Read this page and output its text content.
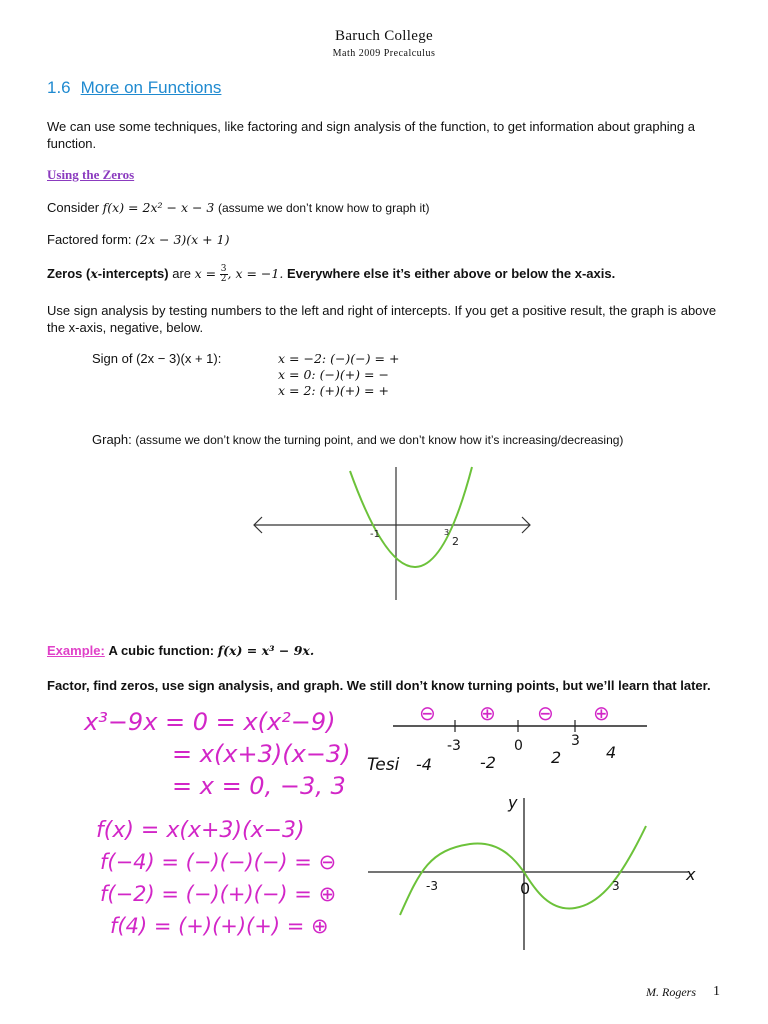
Baruch College
Math 2009 Precalculus
1.6 More on Functions
We can use some techniques, like factoring and sign analysis of the function, to get information about graphing a function.
Using the Zeros
Consider f(x) = 2x² − x − 3 (assume we don’t know how to graph it)
Factored form: (2x − 3)(x + 1)
Zeros (x-intercepts) are $x = \frac{3}{2}$ , x = −1. Everywhere else it’s either above or below the x-axis.
Use sign analysis by testing numbers to the left and right of intercepts. If you get a positive result, the graph is above the x-axis, negative, below.
Sign of (2x − 3)(x + 1):	x = −2: (−)(−) = +
x = 0: (−)(+) = −
x = 2: (+)(+) = +
Graph: (assume we don’t know the turning point, and we don’t know how it’s increasing/decreasing)
-1	3
2
Example: A cubic function: f(x) = x³ − 9x.
Factor, find zeros, use sign analysis, and graph. We still don’t know turning points, but we’ll learn that later.
x³−9x = 0 = x(x²−9)
= x(x+3)(x−3)
= x = 0, −3, 3
f(x) = x(x+3)(x−3)
f(−4) = (−)(−)(−) = ⊖
f(−2) = (−)(+)(−) = ⊕
f(4) = (+)(+)(+) = ⊕
⊖ ⊕ ⊖ ⊕
-3	0	3
Tesi -4	-2	2	4
y
x
-3	0	3
M. Rogers 1
